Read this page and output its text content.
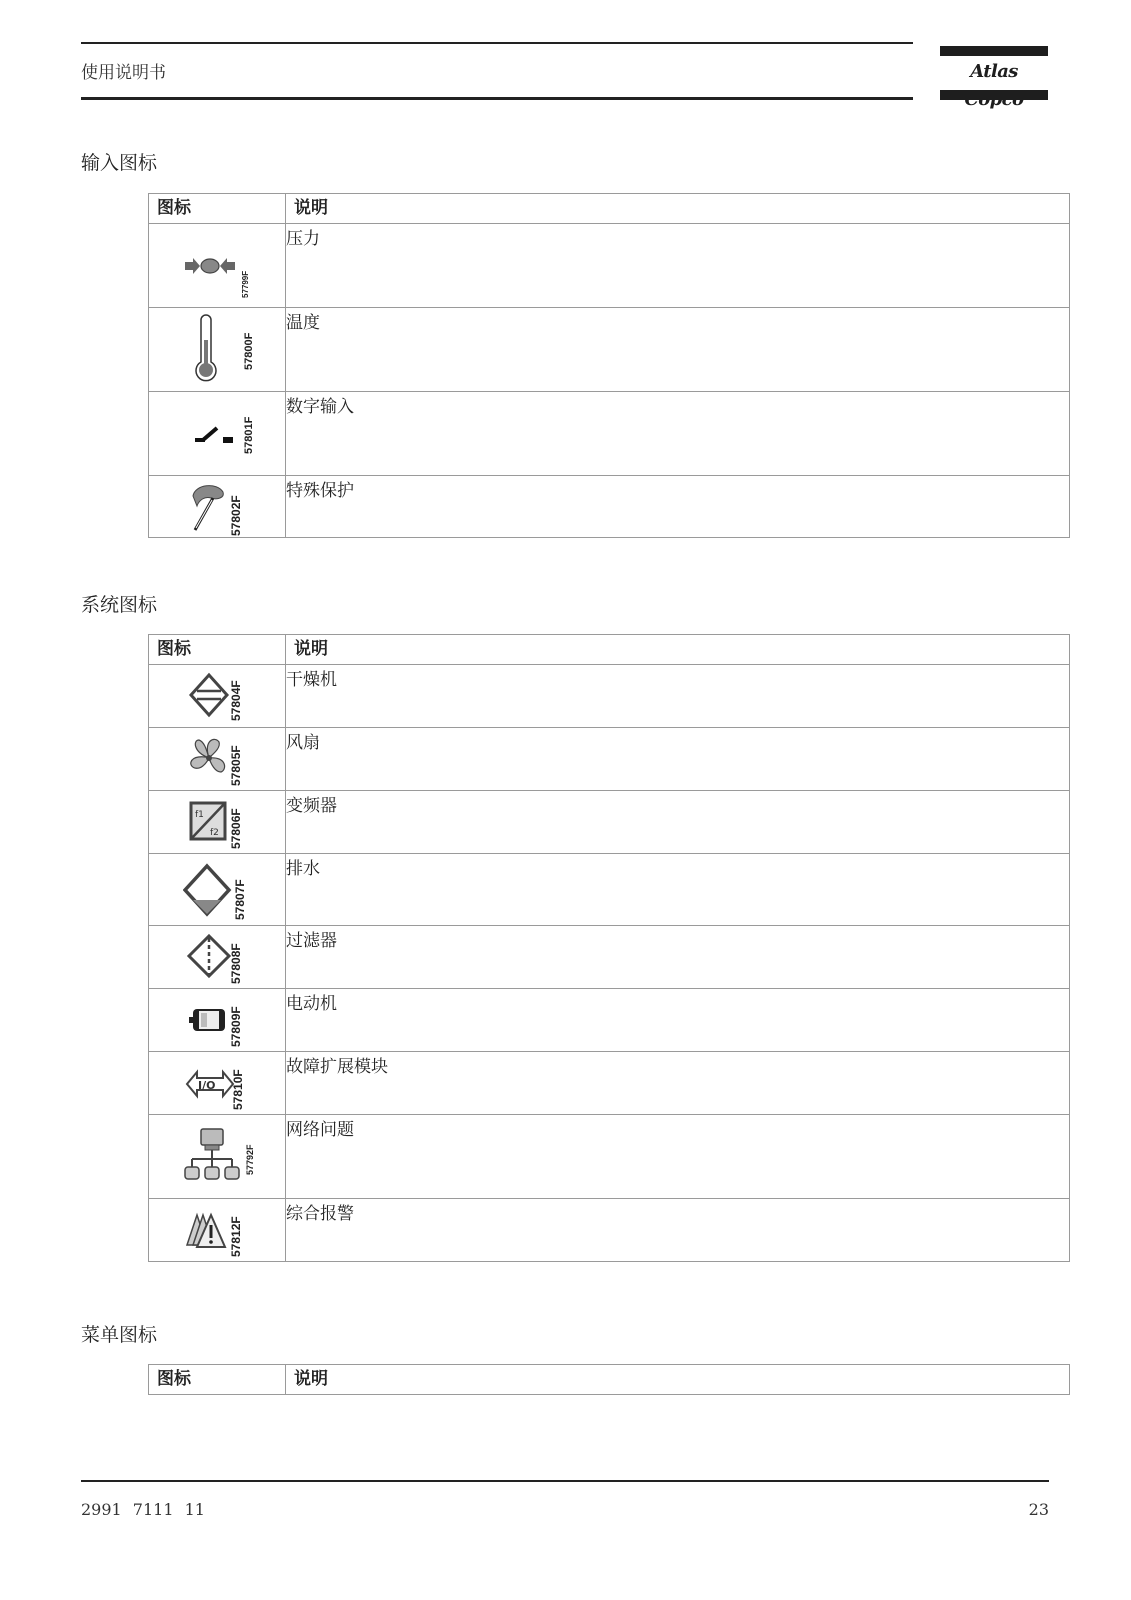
使用说明书	Atlas
输入图标
图标	说明

57799F	压力

57800F	温度

57801F	数字输入

57802F	特殊保护
系统图标
图标	说明

57804F	干燥机

57805F	风扇

f1
f2 57806F	变频器

57807F	排水

57808F	过滤器

57809F	电动机

I/O 57810F	故障扩展模块

57792F	网络问题

57812F	综合报警
菜单图标
图标	说明
2991 7111 11	23
